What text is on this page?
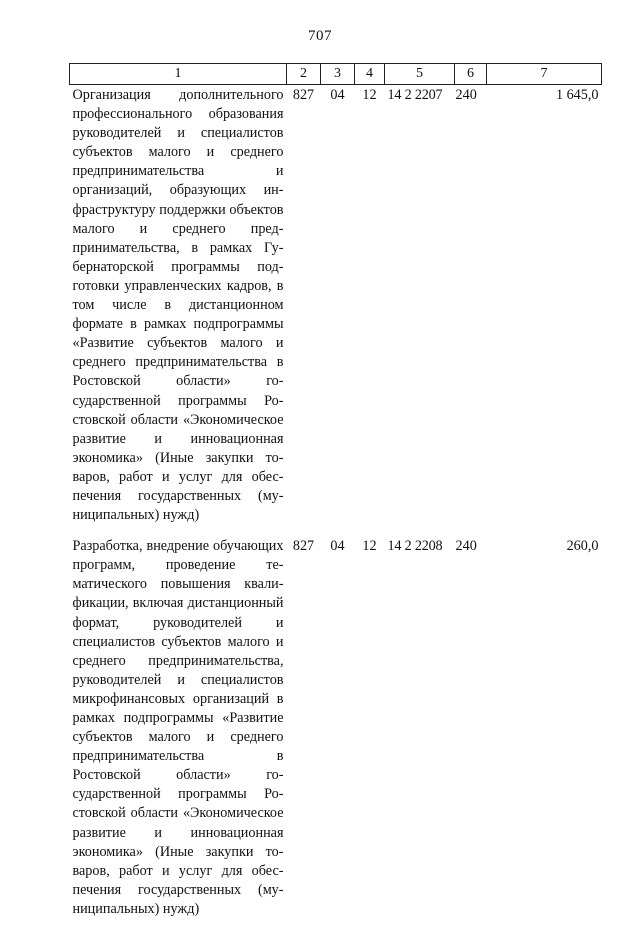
707
1	2	3	4	5	6	7
Организация дополнительного профессионального образования руководителей и специалистов субъектов малого и среднего предпринимательства и организаций, образующих инфраструктуру поддержки объектов малого и среднего предпринимательства, в рамках Губернаторской программы подготовки управленческих кадров, в том числе в дистанционном формате в рамках подпрограммы «Развитие субъектов малого и среднего предпринимательства в Ростовской области» государственной программы Ростовской области «Экономическое развитие и инновационная экономика» (Иные закупки товаров, работ и услуг для обеспечения государственных (муниципальных) нужд)	827	04	12	14 2 2207	240	1 645,0
Разработка, внедрение обучающих программ, проведение тематического повышения квалификации, включая дистанционный формат, руководителей и специалистов субъектов малого и среднего предпринимательства, руководителей и специалистов микрофинансовых организаций в рамках подпрограммы «Развитие субъектов малого и среднего предпринимательства в Ростовской области» государственной программы Ростовской области «Экономическое развитие и инновационная экономика» (Иные закупки товаров, работ и услуг для обеспечения государственных (муниципальных) нужд)	827	04	12	14 2 2208	240	260,0
